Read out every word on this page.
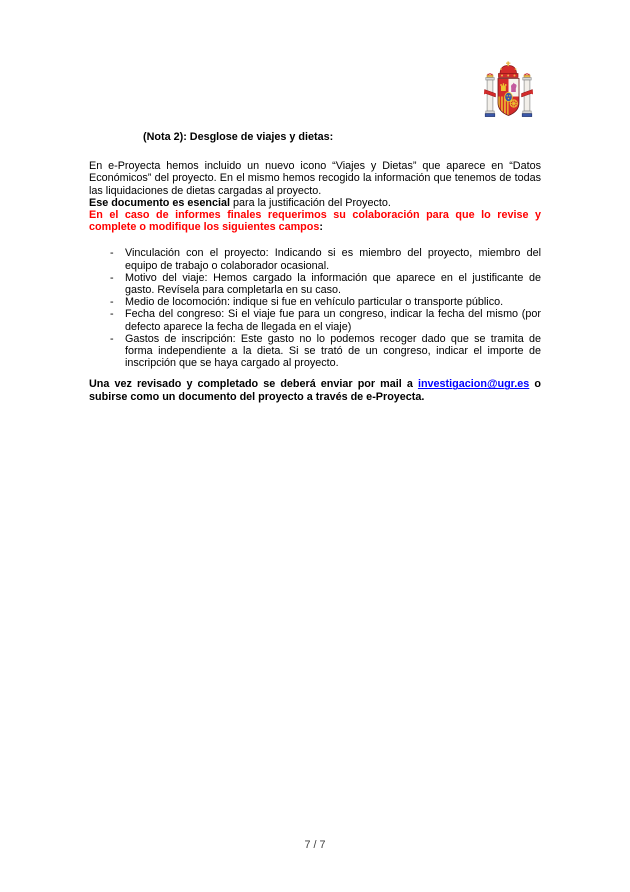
(Nota 2): Desglose de viajes y dietas:

En e-Proyecta hemos incluido un nuevo icono “Viajes y Dietas” que aparece en “Datos Económicos” del proyecto. En el mismo hemos recogido la información que tenemos de todas las liquidaciones de dietas cargadas al proyecto.

Ese documento es esencial para la justificación del Proyecto.

En el caso de informes finales requerimos su colaboración para que lo revise y complete o modifique los siguientes campos:

- Vinculación con el proyecto: Indicando si es miembro del proyecto, miembro del equipo de trabajo o colaborador ocasional.
- Motivo del viaje: Hemos cargado la información que aparece en el justificante de gasto. Revísela para completarla en su caso.
- Medio de locomoción: indique si fue en vehículo particular o transporte público.
- Fecha del congreso: Si el viaje fue para un congreso, indicar la fecha del mismo (por defecto aparece la fecha de llegada en el viaje)
- Gastos de inscripción: Este gasto no lo podemos recoger dado que se tramita de forma independiente a la dieta. Si se trató de un congreso, indicar el importe de inscripción que se haya cargado al proyecto.

Una vez revisado y completado se deberá enviar por mail a investigacion@ugr.es o subirse como un documento del proyecto a través de e-Proyecta.

7 / 7
